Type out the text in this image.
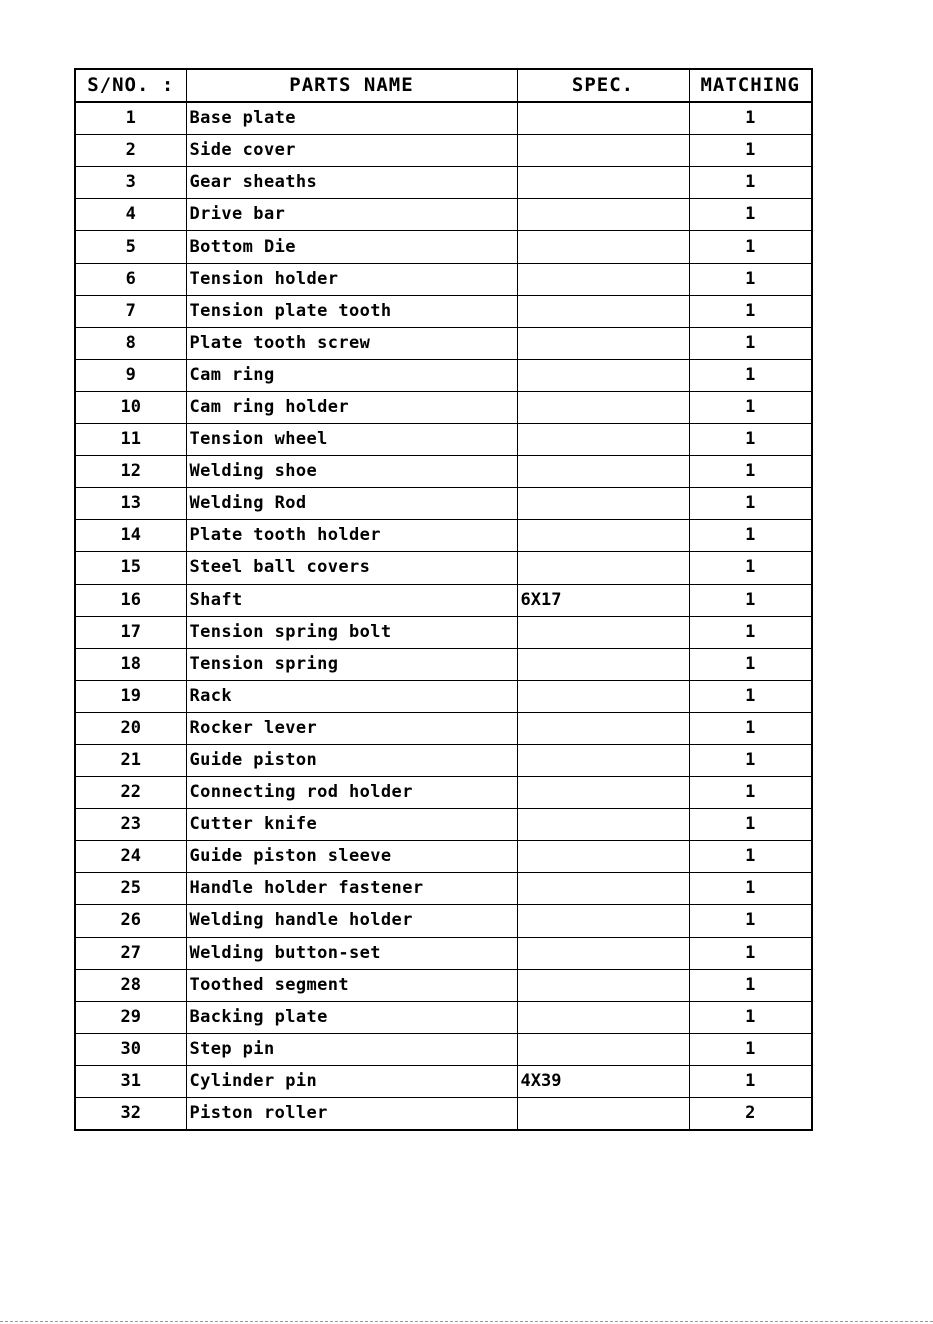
S/NO. :	PARTS NAME	SPEC.	MATCHING
1	Base plate		1
2	Side cover		1
3	Gear sheaths		1
4	Drive bar		1
5	Bottom Die		1
6	Tension holder		1
7	Tension plate tooth		1
8	Plate tooth screw		1
9	Cam ring		1
10	Cam ring holder		1
11	Tension wheel		1
12	Welding shoe		1
13	Welding Rod		1
14	Plate tooth holder		1
15	Steel ball covers		1
16	Shaft	6X17	1
17	Tension spring bolt		1
18	Tension spring		1
19	Rack		1
20	Rocker lever		1
21	Guide piston		1
22	Connecting rod holder		1
23	Cutter knife		1
24	Guide piston sleeve		1
25	Handle holder fastener		1
26	Welding handle holder		1
27	Welding button-set		1
28	Toothed segment		1
29	Backing plate		1
30	Step pin		1
31	Cylinder pin	4X39	1
32	Piston roller		2
